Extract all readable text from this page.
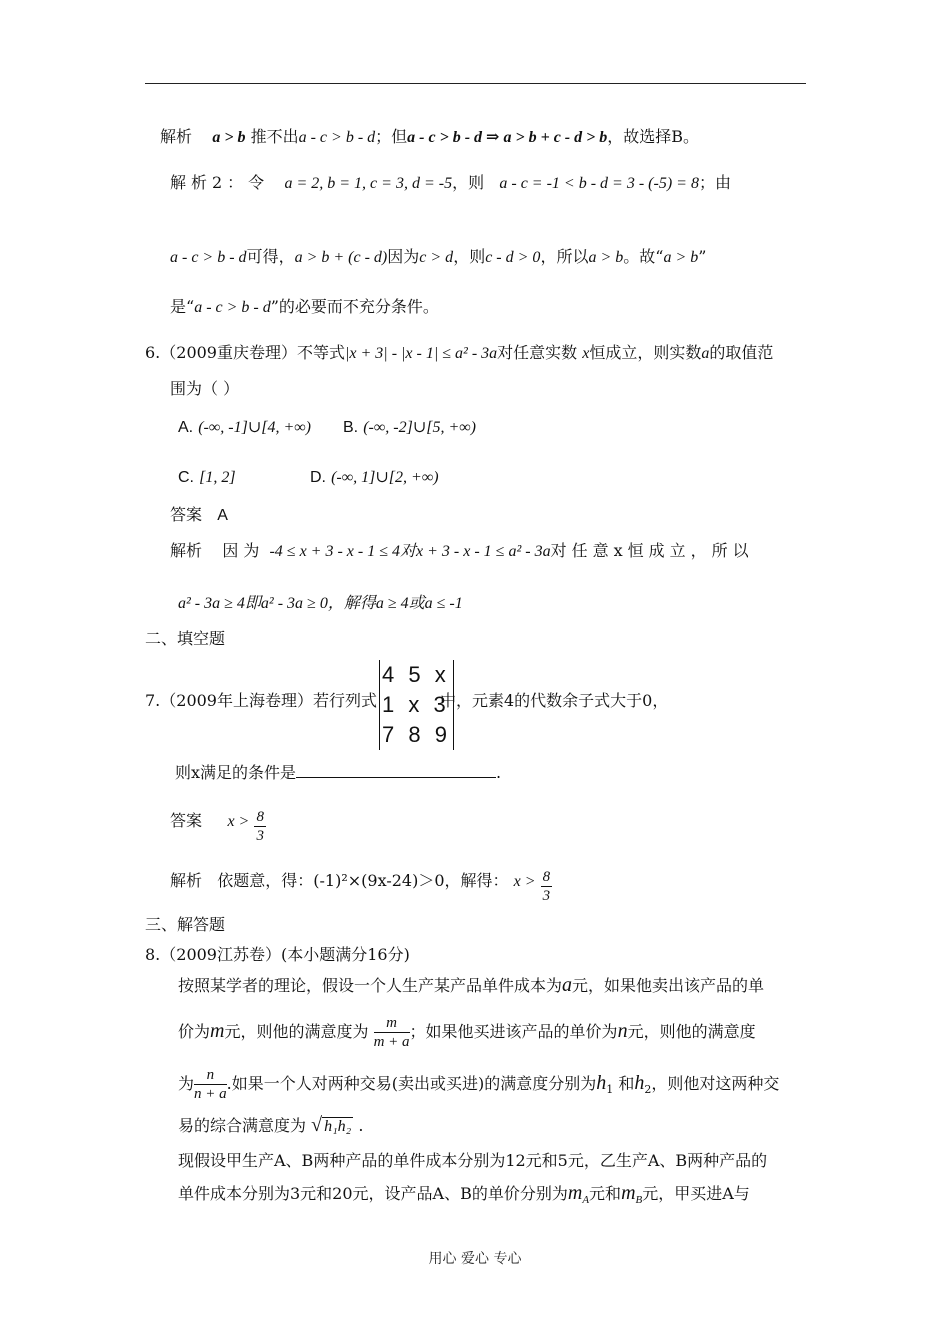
解析 a > b 推不出a - c > b - d；但a - c > b - d ⇒ a > b + c - d > b，故选择B。
解析2：令 a = 2, b = 1, c = 3, d = -5，则 a - c = -1 < b - d = 3 - (-5) = 8；由
a - c > b - d可得，a > b + (c - d)因为c > d，则c - d > 0，所以a > b。故“a > b”
是“a - c > b - d”的必要而不充分条件。
6.（2009重庆卷理）不等式|x + 3| - |x - 1| ≤ a² - 3a对任意实数 x恒成立，则实数a的取值范
围为（ ）
A. (-∞, -1]∪[4, +∞) B. (-∞, -2]∪[5, +∞)
C. [1, 2]	D. (-∞, 1]∪[2, +∞)
答案 A
解析 因为 -4 ≤ x + 3 - x - 1 ≤ 4对x + 3 - x - 1 ≤ a² - 3a对任意x恒成立，所以
a² - 3a ≥ 4即a² - 3a ≥ 0，解得a ≥ 4或a ≤ -1
二、填空题
7.（2009年上海卷理）若行列式
4 5 x
1 x 3
7 8 9
中，元素4的代数余子式大于0，
则x满足的条件是	.
答案 $x > \frac{8}{3}$
解析 依题意，得：(-1)²×(9x-24)＞0，解得： $x > \frac{8}{3}$
三、解答题
8.（2009江苏卷）(本小题满分16分)
按照某学者的理论，假设一个人生产某产品单件成本为a元，如果他卖出该产品的单
价为m元，则他的满意度为 $\frac{m}{m + a}$ ；如果他买进该产品的单价为n元，则他的满意度
为 $\frac{n}{n + a}$ .如果一个人对两种交易(卖出或买进)的满意度分别为$h_1$ 和$h_2$，则他对这两种交
易的综合满意度为 √ h₁h₂ .
现假设甲生产A、B两种产品的单件成本分别为12元和5元，乙生产A、B两种产品的
单件成本分别为3元和20元，设产品A、B的单价分别为$m_A$元和$m_B$元，甲买进A与
用心 爱心 专心
